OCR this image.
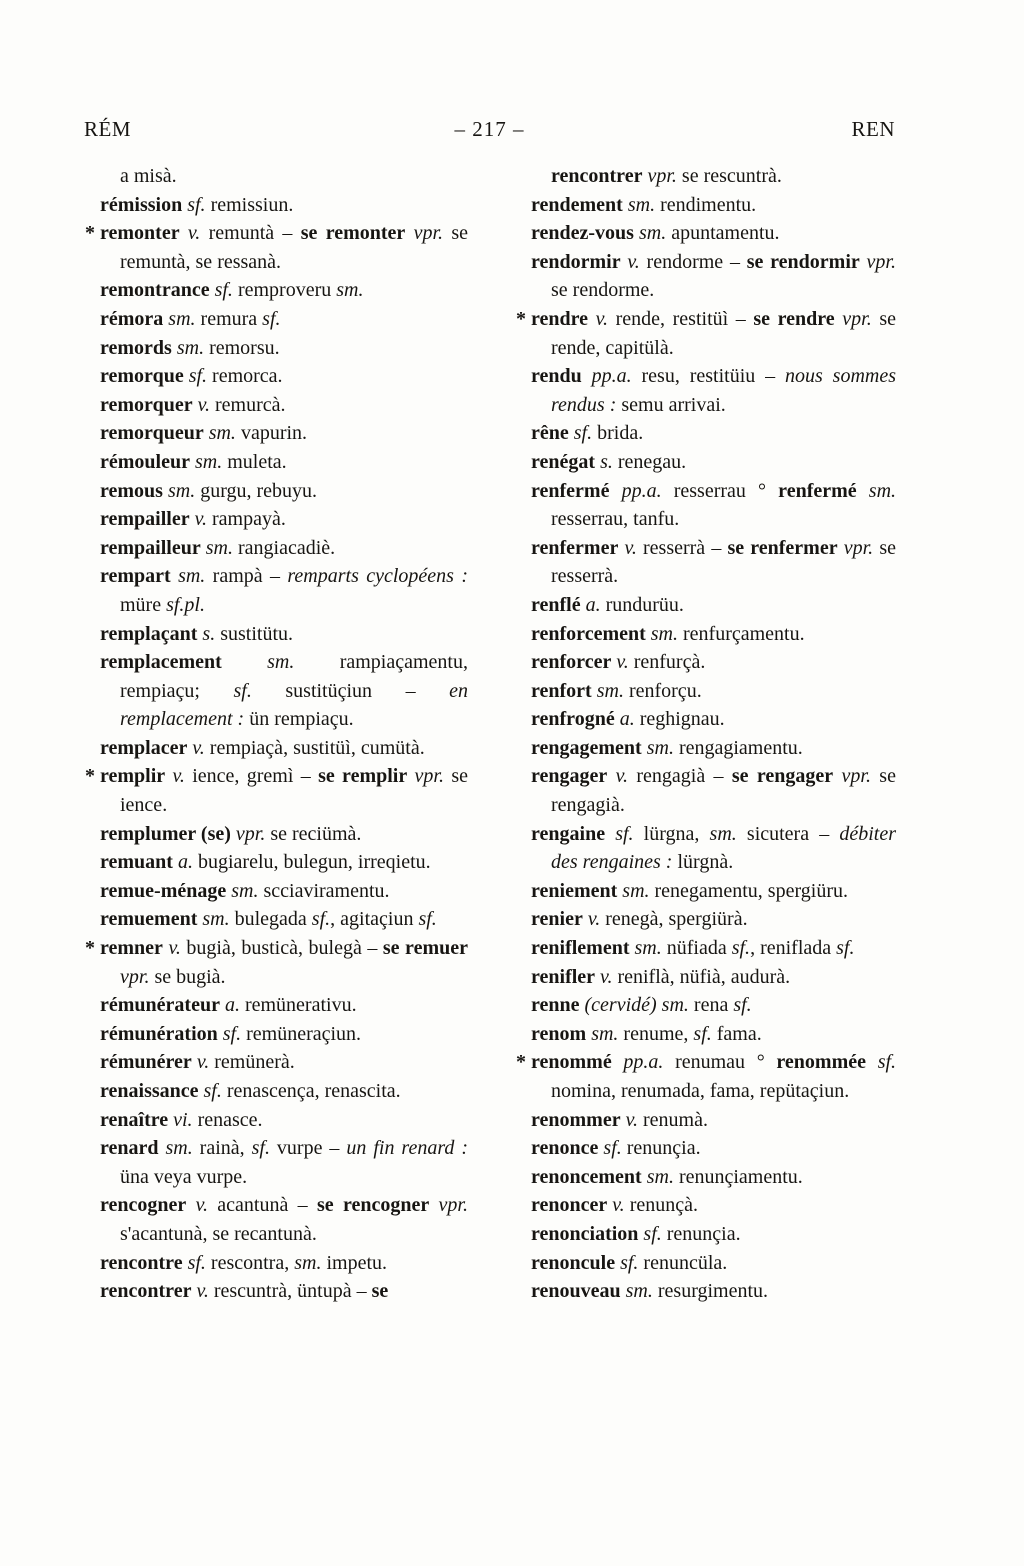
RÉM	– 217 –	REN
a misà.
rémission sf. remissiun.
* remonter v. remuntà – se remonter vpr. se remuntà, se ressanà.
remontrance sf. remproveru sm.
rémora sm. remura sf.
remords sm. remorsu.
remorque sf. remorca.
remorquer v. remurcà.
remorqueur sm. vapurin.
rémouleur sm. muleta.
remous sm. gurgu, rebuyu.
rempailler v. rampayà.
rempailleur sm. rangiacadiè.
rempart sm. rampà – remparts cyclopéens : müre sf.pl.
remplaçant s. sustitütu.
remplacement sm. rampiaçamentu, rempiaçu; sf. sustitüçiun – en remplacement : ün rempiaçu.
remplacer v. rempiaçà, sustitüì, cumütà.
* remplir v. ience, gremì – se remplir vpr. se ience.
remplumer (se) vpr. se reciümà.
remuant a. bugiarelu, bulegun, irreqietu.
remue-ménage sm. scciaviramentu.
remuement sm. bulegada sf., agitaçiun sf.
* remner v. bugià, busticà, bulegà – se remuer vpr. se bugià.
rémunérateur a. remünerativu.
rémunération sf. remüneraçiun.
rémunérer v. remünerà.
renaissance sf. renascença, renascita.
renaître vi. renasce.
renard sm. rainà, sf. vurpe – un fin renard : üna veya vurpe.
rencogner v. acantunà – se rencogner vpr. s'acantunà, se recantunà.
rencontre sf. rescontra, sm. impetu.
rencontrer v. rescuntrà, üntupà – se
rencontrer vpr. se rescuntrà.
rendement sm. rendimentu.
rendez-vous sm. apuntamentu.
rendormir v. rendorme – se rendormir vpr. se rendorme.
* rendre v. rende, restitüì – se rendre vpr. se rende, capitülà.
rendu pp.a. resu, restitüiu – nous sommes rendus : semu arrivai.
rêne sf. brida.
renégat s. renegau.
renfermé pp.a. resserrau ° renfermé sm. resserrau, tanfu.
renfermer v. resserrà – se renfermer vpr. se resserrà.
renflé a. rundurüu.
renforcement sm. renfurçamentu.
renforcer v. renfurçà.
renfort sm. renforçu.
renfrogné a. reghignau.
rengagement sm. rengagiamentu.
rengager v. rengagià – se rengager vpr. se rengagià.
rengaine sf. lürgna, sm. sicutera – débiter des rengaines : lürgnà.
reniement sm. renegamentu, spergiüru.
renier v. renegà, spergiürà.
reniflement sm. nüfiada sf., reniflada sf.
renifler v. reniflà, nüfià, audurà.
renne (cervidé) sm. rena sf.
renom sm. renume, sf. fama.
* renommé pp.a. renumau ° renommée sf. nomina, renumada, fama, repütaçiun.
renommer v. renumà.
renonce sf. renunçia.
renoncement sm. renunçiamentu.
renoncer v. renunçà.
renonciation sf. renunçia.
renoncule sf. renuncüla.
renouveau sm. resurgimentu.
